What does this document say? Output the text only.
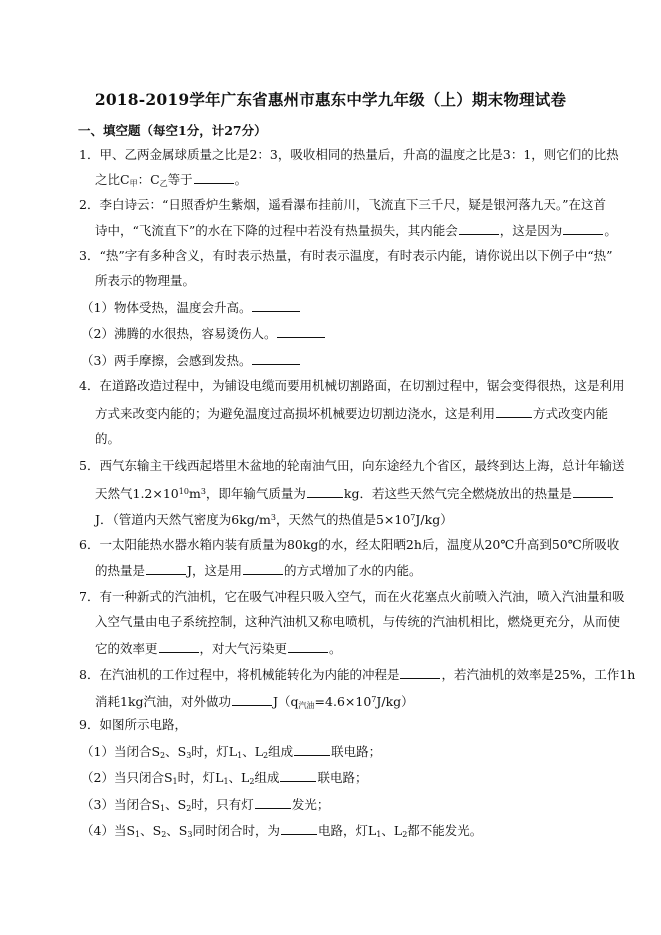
2018-2019学年广东省惠州市惠东中学九年级（上）期末物理试卷
一、填空题（每空1分，计27分）
1．甲、乙两金属球质量之比是2：3，吸收相同的热量后，升高的温度之比是3：1，则它们的比热
之比$C_甲$：$C_乙$等于	。
2．李白诗云：“日照香炉生紫烟，遥看瀑布挂前川，飞流直下三千尺，疑是银河落九天。”在这首
诗中，“飞流直下”的水在下降的过程中若没有热量损失，其内能会	，这是因为	。
3．“热”字有多种含义，有时表示热量，有时表示温度，有时表示内能，请你说出以下例子中“热”
所表示的物理量。
（1）物体受热，温度会升高。
（2）沸腾的水很热，容易烫伤人。
（3）两手摩擦，会感到发热。
4．在道路改造过程中，为铺设电缆而要用机械切割路面，在切割过程中，锯会变得很热，这是利用
方式来改变内能的；为避免温度过高损坏机械要边切割边浇水，这是利用	方式改变内能
的。
5．西气东输主干线西起塔里木盆地的轮南油气田，向东途经九个省区，最终到达上海，总计年输送
天然气$1.2\times 10^{10}m^3$，即年输气质量为	kg．若这些天然气完全燃烧放出的热量是
J．（管道内天然气密度为$6kg/m^3$，天然气的热值是$5\times 10^7J/kg$）
6．一太阳能热水器水箱内装有质量为80kg的水，经太阳晒2h后，温度从20℃升高到50℃所吸收
的热量是	J，这是用	的方式增加了水的内能。
7．有一种新式的汽油机，它在吸气冲程只吸入空气，而在火花塞点火前喷入汽油，喷入汽油量和吸
入空气量由电子系统控制，这种汽油机又称电喷机，与传统的汽油机相比，燃烧更充分，从而使
它的效率更	，对大气污染更	。
8．在汽油机的工作过程中，将机械能转化为内能的冲程是	，若汽油机的效率是25%，工作1h
消耗1kg汽油，对外做功	$J(q_{汽油}=4.6\times 10^7J/kg)$
9．如图所示电路，
（1）当闭合$S_2$、$S_3$时，灯$L_1$、$L_2$组成	联电路；
（2）当只闭合$S_1$时，灯$L_1$、$L_2$组成	联电路；
（3）当闭合$S_1$、$S_2$时，只有灯	发光；
（4）当$S_1$、$S_2$、$S_3$同时闭合时，为	电路，灯$L_1$、$L_2$都不能发光。
